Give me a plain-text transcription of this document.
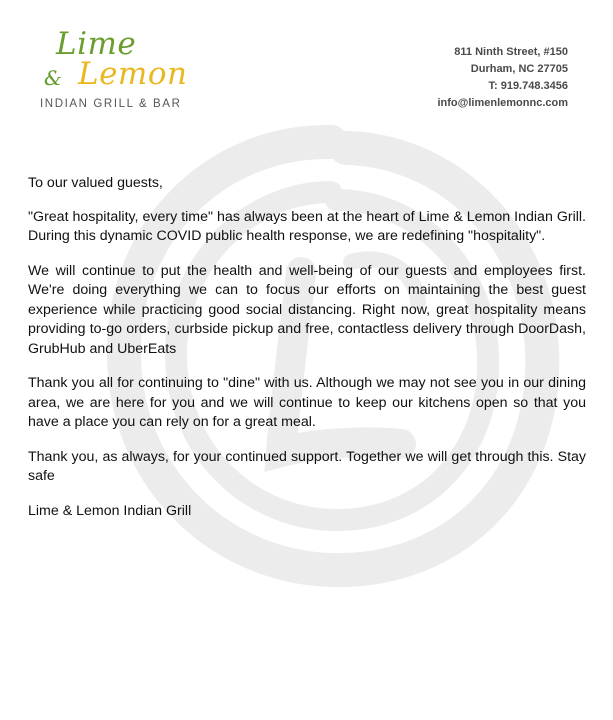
Lime
& Lemon
INDIAN GRILL & BAR
811 Ninth Street, #150
Durham, NC 27705
T: 919.748.3456
info@limenlemonnc.com

To our valued guests,

"Great hospitality, every time" has always been at the heart of Lime & Lemon Indian Grill. During this dynamic COVID public health response, we are redefining "hospitality".

We will continue to put the health and well-being of our guests and employees first. We're doing everything we can to focus our efforts on maintaining the best guest experience while practicing good social distancing. Right now, great hospitality means providing to-go orders, curbside pickup and free, contactless delivery through DoorDash, GrubHub and UberEats

Thank you all for continuing to "dine" with us. Although we may not see you in our dining area, we are here for you and we will continue to keep our kitchens open so that you have a place you can rely on for a great meal.

Thank you, as always, for your continued support. Together we will get through this. Stay safe

Lime & Lemon Indian Grill
